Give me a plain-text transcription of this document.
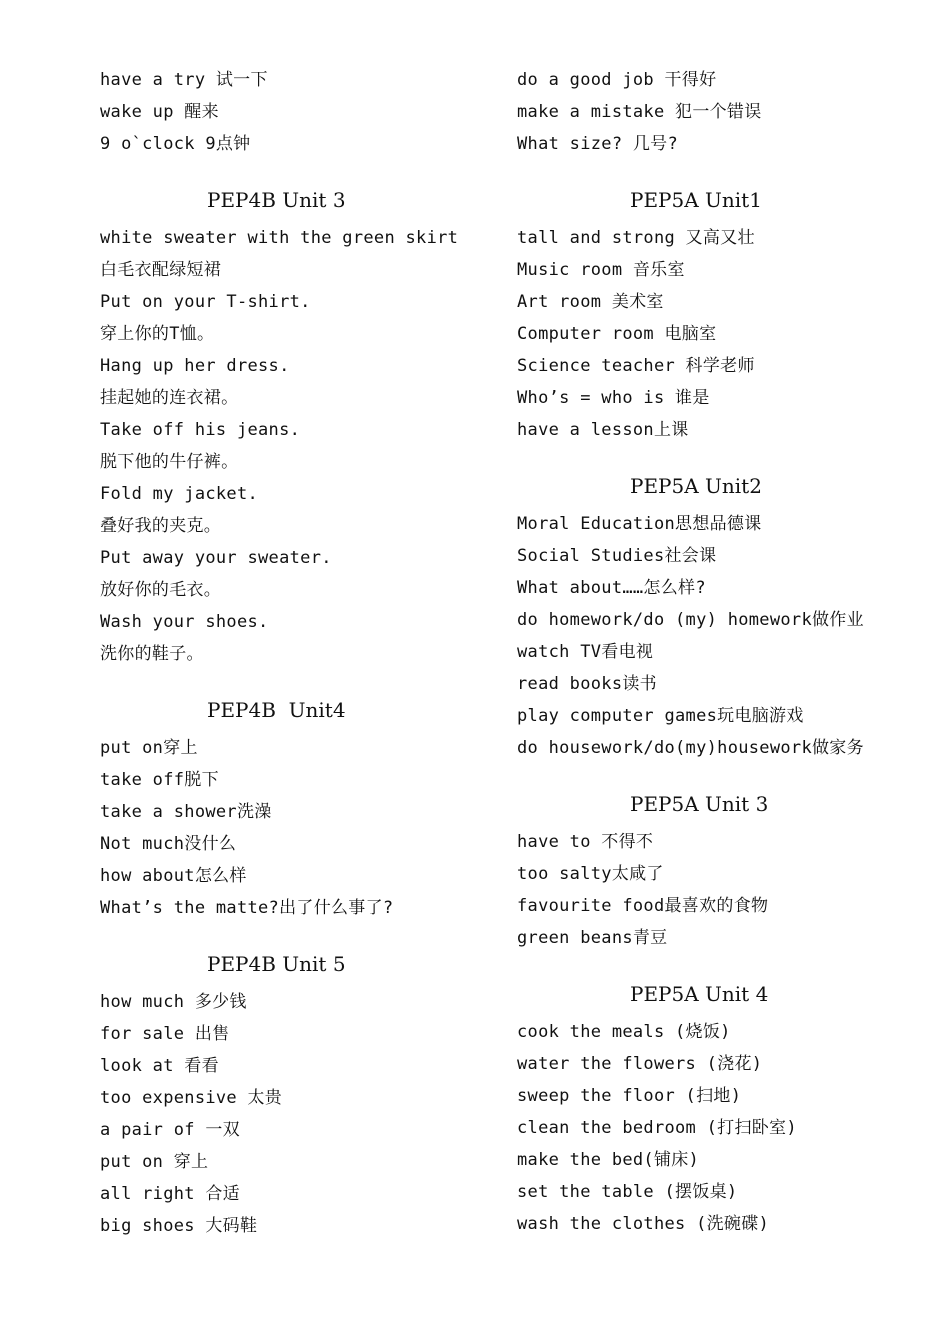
have a try 试一下
wake up 醒来
9 o`clock 9点钟
PEP4B Unit 3
white sweater with the green skirt
白毛衣配绿短裙
Put on your T-shirt.
穿上你的T恤。
Hang up her dress.
挂起她的连衣裙。
Take off his jeans.
脱下他的牛仔裤。
Fold my jacket.
叠好我的夹克。
Put away your sweater.
放好你的毛衣。
Wash your shoes.
洗你的鞋子。
PEP4B  Unit4
put on穿上
take off脱下
take a shower洗澡
Not much没什么
how about怎么样
What’s the matte?出了什么事了?
PEP4B Unit 5
how much 多少钱
for sale 出售
look at 看看
too expensive 太贵
a pair of 一双
put on 穿上
all right 合适
big shoes 大码鞋
do a good job 干得好
make a mistake 犯一个错误
What size? 几号?
PEP5A Unit1
tall and strong 又高又壮
Music room 音乐室
Art room 美术室
Computer room 电脑室
Science teacher 科学老师
Who’s = who is 谁是
have a lesson上课
PEP5A Unit2
Moral Education思想品德课
Social Studies社会课
What about……怎么样?
do homework/do (my) homework做作业
watch TV看电视
read books读书
play computer games玩电脑游戏
do housework/do(my)housework做家务
PEP5A Unit 3
have to 不得不
too salty太咸了
favourite food最喜欢的食物
green beans青豆
PEP5A Unit 4
cook the meals (烧饭)
water the flowers (浇花)
sweep the floor (扫地)
clean the bedroom (打扫卧室)
make the bed(铺床)
set the table (摆饭桌)
wash the clothes (洗碗碟)
